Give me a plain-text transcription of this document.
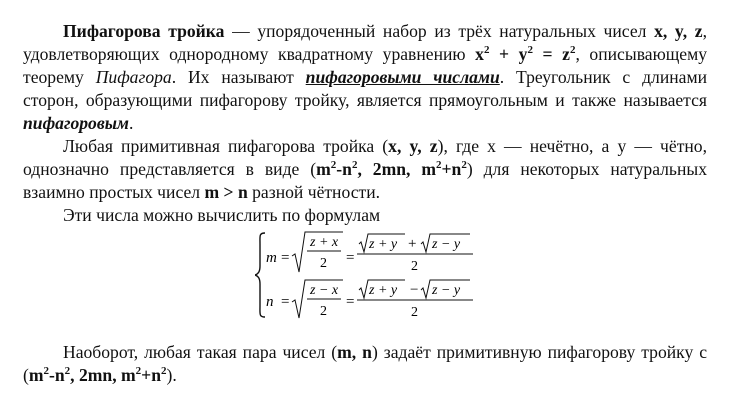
Пифагорова тройка — упорядоченный набор из трёх натуральных чисел x, y, z, удовлетворяющих однородному квадратному уравнению $x^2 + y^2 = z^2$, описывающему теорему Пифагора. Их называют пифагоровыми числами. Треугольник с длинами сторон, образующими пифагорову тройку, является прямоугольным и также называется пифагоровым.

Любая примитивная пифагорова тройка (x, y, z), где x — нечётно, а y — чётно, однозначно представляется в виде ($m^2-n^2$, 2mn, $m^2+n^2$) для некоторых натуральных взаимно простых чисел m > n разной чётности.

Эти числа можно вычислить по формулам

m =
z + x
2 =
z + y + z − y
2
n =
z − x
2
=
z + y − z − y
2

Наоборот, любая такая пара чисел (m, n) задаёт примитивную пифагорову тройку с ($m^2-n^2$, 2mn, $m^2+n^2$).
